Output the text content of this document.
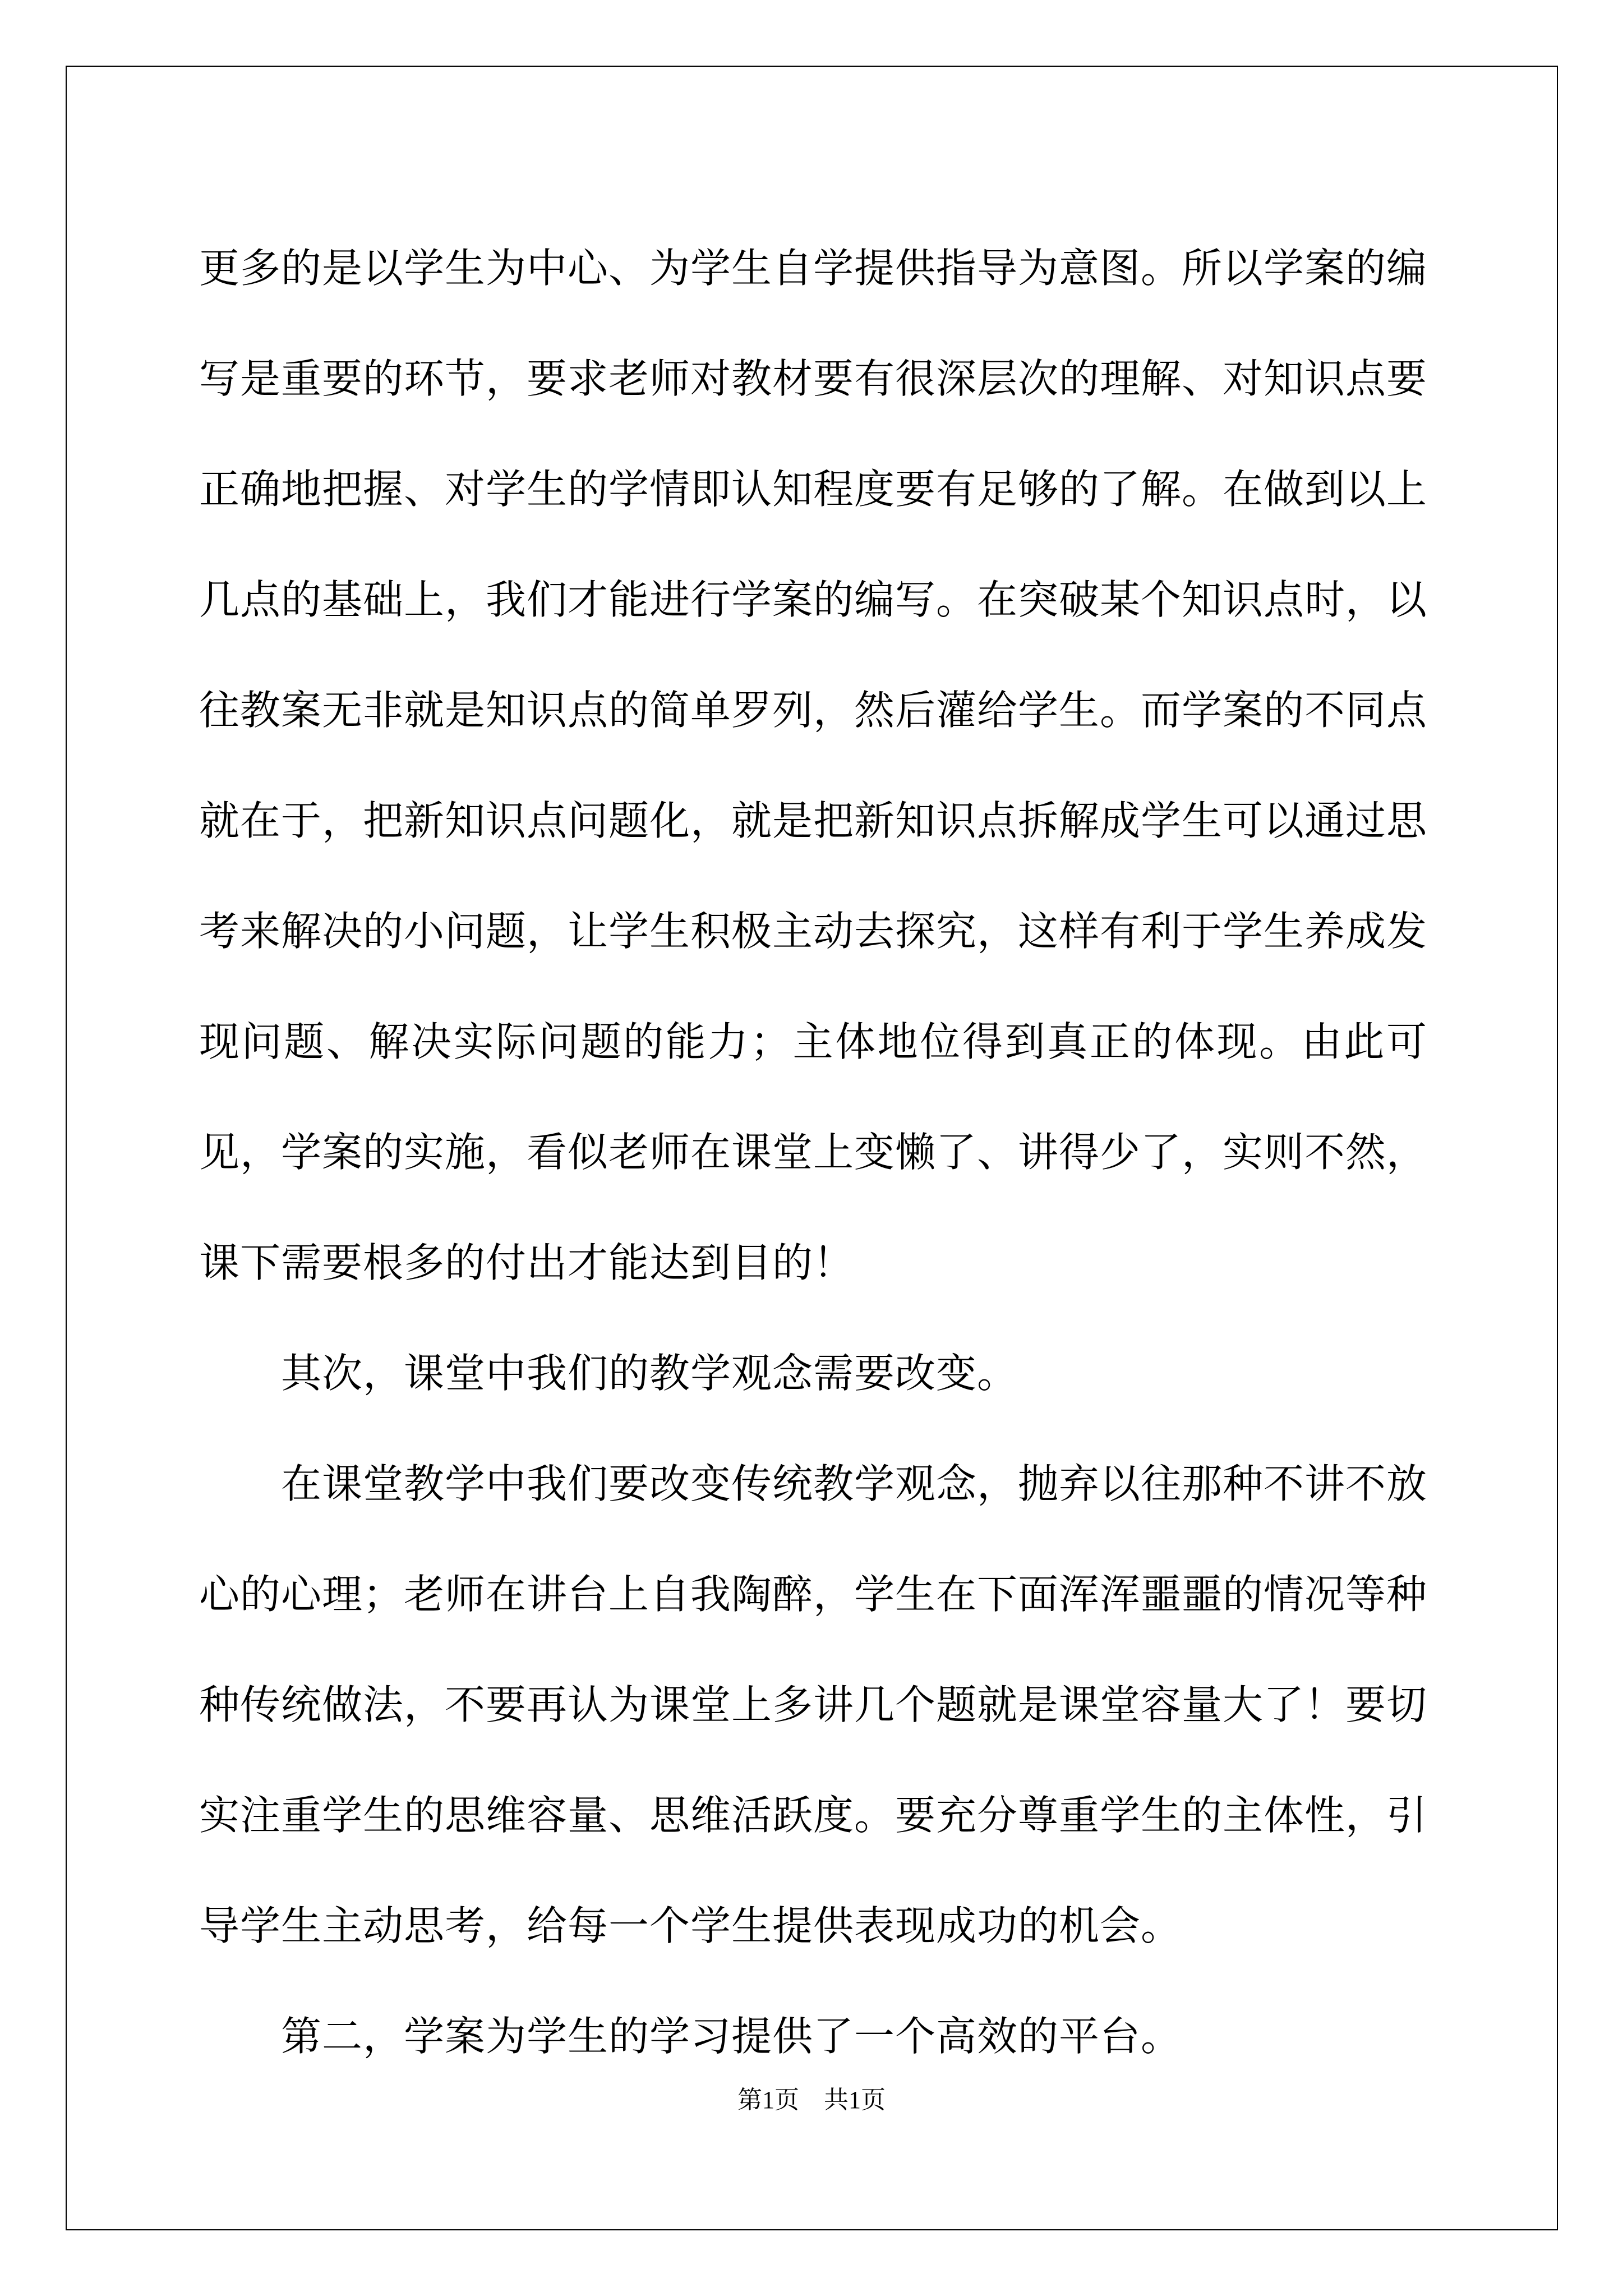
更多的是以学生为中心、为学生自学提供指导为意图。所以学案的编写是重要的环节，要求老师对教材要有很深层次的理解、对知识点要正确地把握、对学生的学情即认知程度要有足够的了解。在做到以上几点的基础上，我们才能进行学案的编写。在突破某个知识点时，以往教案无非就是知识点的简单罗列，然后灌给学生。而学案的不同点就在于，把新知识点问题化，就是把新知识点拆解成学生可以通过思考来解决的小问题，让学生积极主动去探究，这样有利于学生养成发现问题、解决实际问题的能力；主体地位得到真正的体现。由此可见，学案的实施，看似老师在课堂上变懒了、讲得少了，实则不然，课下需要根多的付出才能达到目的！

其次，课堂中我们的教学观念需要改变。

在课堂教学中我们要改变传统教学观念，抛弃以往那种不讲不放心的心理；老师在讲台上自我陶醉，学生在下面浑浑噩噩的情况等种种传统做法，不要再认为课堂上多讲几个题就是课堂容量大了！要切实注重学生的思维容量、思维活跃度。要充分尊重学生的主体性，引导学生主动思考，给每一个学生提供表现成功的机会。

第二，学案为学生的学习提供了一个高效的平台。

第1页　共1页
